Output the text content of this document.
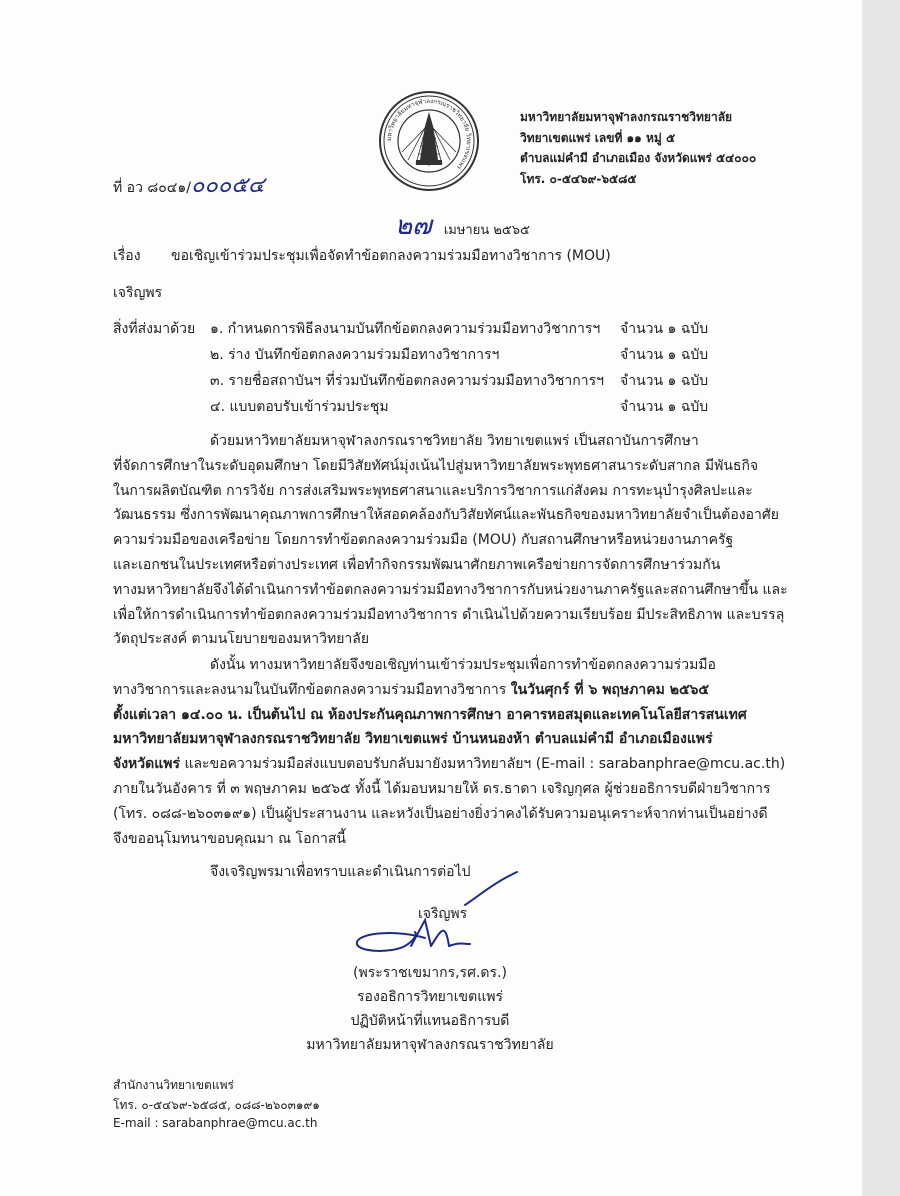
มหาวิทยาลัยมหาจุฬาลงกรณราชวิทยาลัย วิทยาเขตแพร่
ที่ อว ๘๐๔๑/๐๐๐๕๔
มหาวิทยาลัยมหาจุฬาลงกรณราชวิทยาลัย
วิทยาเขตแพร่ เลขที่ ๑๑ หมู่ ๕
ตำบลแม่คำมี อำเภอเมือง จังหวัดแพร่ ๕๔๐๐๐
โทร. ๐-๕๔๖๙-๖๕๘๕
๒๗ เมษายน ๒๕๖๕
เรื่อง ขอเชิญเข้าร่วมประชุมเพื่อจัดทำข้อตกลงความร่วมมือทางวิชาการ (MOU)
เจริญพร
สิ่งที่ส่งมาด้วย ๑. กำหนดการพิธีลงนามบันทึกข้อตกลงความร่วมมือทางวิชาการฯ จำนวน ๑ ฉบับ
๒. ร่าง บันทึกข้อตกลงความร่วมมือทางวิชาการฯ	จำนวน ๑ ฉบับ
๓. รายชื่อสถาบันฯ ที่ร่วมบันทึกข้อตกลงความร่วมมือทางวิชาการฯ จำนวน ๑ ฉบับ
๔. แบบตอบรับเข้าร่วมประชุม	จำนวน ๑ ฉบับ
ด้วยมหาวิทยาลัยมหาจุฬาลงกรณราชวิทยาลัย วิทยาเขตแพร่ เป็นสถาบันการศึกษา
ที่จัดการศึกษาในระดับอุดมศึกษา โดยมีวิสัยทัศน์มุ่งเน้นไปสู่มหาวิทยาลัยพระพุทธศาสนาระดับสากล มีพันธกิจ
ในการผลิตบัณฑิต การวิจัย การส่งเสริมพระพุทธศาสนาและบริการวิชาการแก่สังคม การทะนุบำรุงศิลปะและ
วัฒนธรรม ซึ่งการพัฒนาคุณภาพการศึกษาให้สอดคล้องกับวิสัยทัศน์และพันธกิจของมหาวิทยาลัยจำเป็นต้องอาศัย
ความร่วมมือของเครือข่าย โดยการทำข้อตกลงความร่วมมือ (MOU) กับสถานศึกษาหรือหน่วยงานภาครัฐ
และเอกชนในประเทศหรือต่างประเทศ เพื่อทำกิจกรรมพัฒนาศักยภาพเครือข่ายการจัดการศึกษาร่วมกัน
ทางมหาวิทยาลัยจึงได้ดำเนินการทำข้อตกลงความร่วมมือทางวิชาการกับหน่วยงานภาครัฐและสถานศึกษาขึ้น และ
เพื่อให้การดำเนินการทำข้อตกลงความร่วมมือทางวิชาการ ดำเนินไปด้วยความเรียบร้อย มีประสิทธิภาพ และบรรลุ
วัตถุประสงค์ ตามนโยบายของมหาวิทยาลัย
ดังนั้น ทางมหาวิทยาลัยจึงขอเชิญท่านเข้าร่วมประชุมเพื่อการทำข้อตกลงความร่วมมือ
ทางวิชาการและลงนามในบันทึกข้อตกลงความร่วมมือทางวิชาการ ในวันศุกร์ ที่ ๖ พฤษภาคม ๒๕๖๕
ตั้งแต่เวลา ๑๔.๐๐ น. เป็นต้นไป ณ ห้องประกันคุณภาพการศึกษา อาคารหอสมุดและเทคโนโลยีสารสนเทศ
มหาวิทยาลัยมหาจุฬาลงกรณราชวิทยาลัย วิทยาเขตแพร่ บ้านหนองห้า ตำบลแม่คำมี อำเภอเมืองแพร่
จังหวัดแพร่ และขอความร่วมมือส่งแบบตอบรับกลับมายังมหาวิทยาลัยฯ (E-mail : sarabanphrae@mcu.ac.th)
ภายในวันอังคาร ที่ ๓ พฤษภาคม ๒๕๖๕ ทั้งนี้ ได้มอบหมายให้ ดร.ธาดา เจริญกุศล ผู้ช่วยอธิการบดีฝ่ายวิชาการ
(โทร. ๐๘๘-๒๖๐๓๑๙๑) เป็นผู้ประสานงาน และหวังเป็นอย่างยิ่งว่าคงได้รับความอนุเคราะห์จากท่านเป็นอย่างดี
จึงขออนุโมทนาขอบคุณมา ณ โอกาสนี้
จึงเจริญพรมาเพื่อทราบและดำเนินการต่อไป
เจริญพร
(พระราชเขมากร,รศ.ดร.)
รองอธิการวิทยาเขตแพร่
ปฏิบัติหน้าที่แทนอธิการบดี
มหาวิทยาลัยมหาจุฬาลงกรณราชวิทยาลัย
สำนักงานวิทยาเขตแพร่
โทร. ๐-๕๔๖๙-๖๕๘๕, ๐๘๘-๒๖๐๓๑๙๑
E-mail : sarabanphrae@mcu.ac.th
